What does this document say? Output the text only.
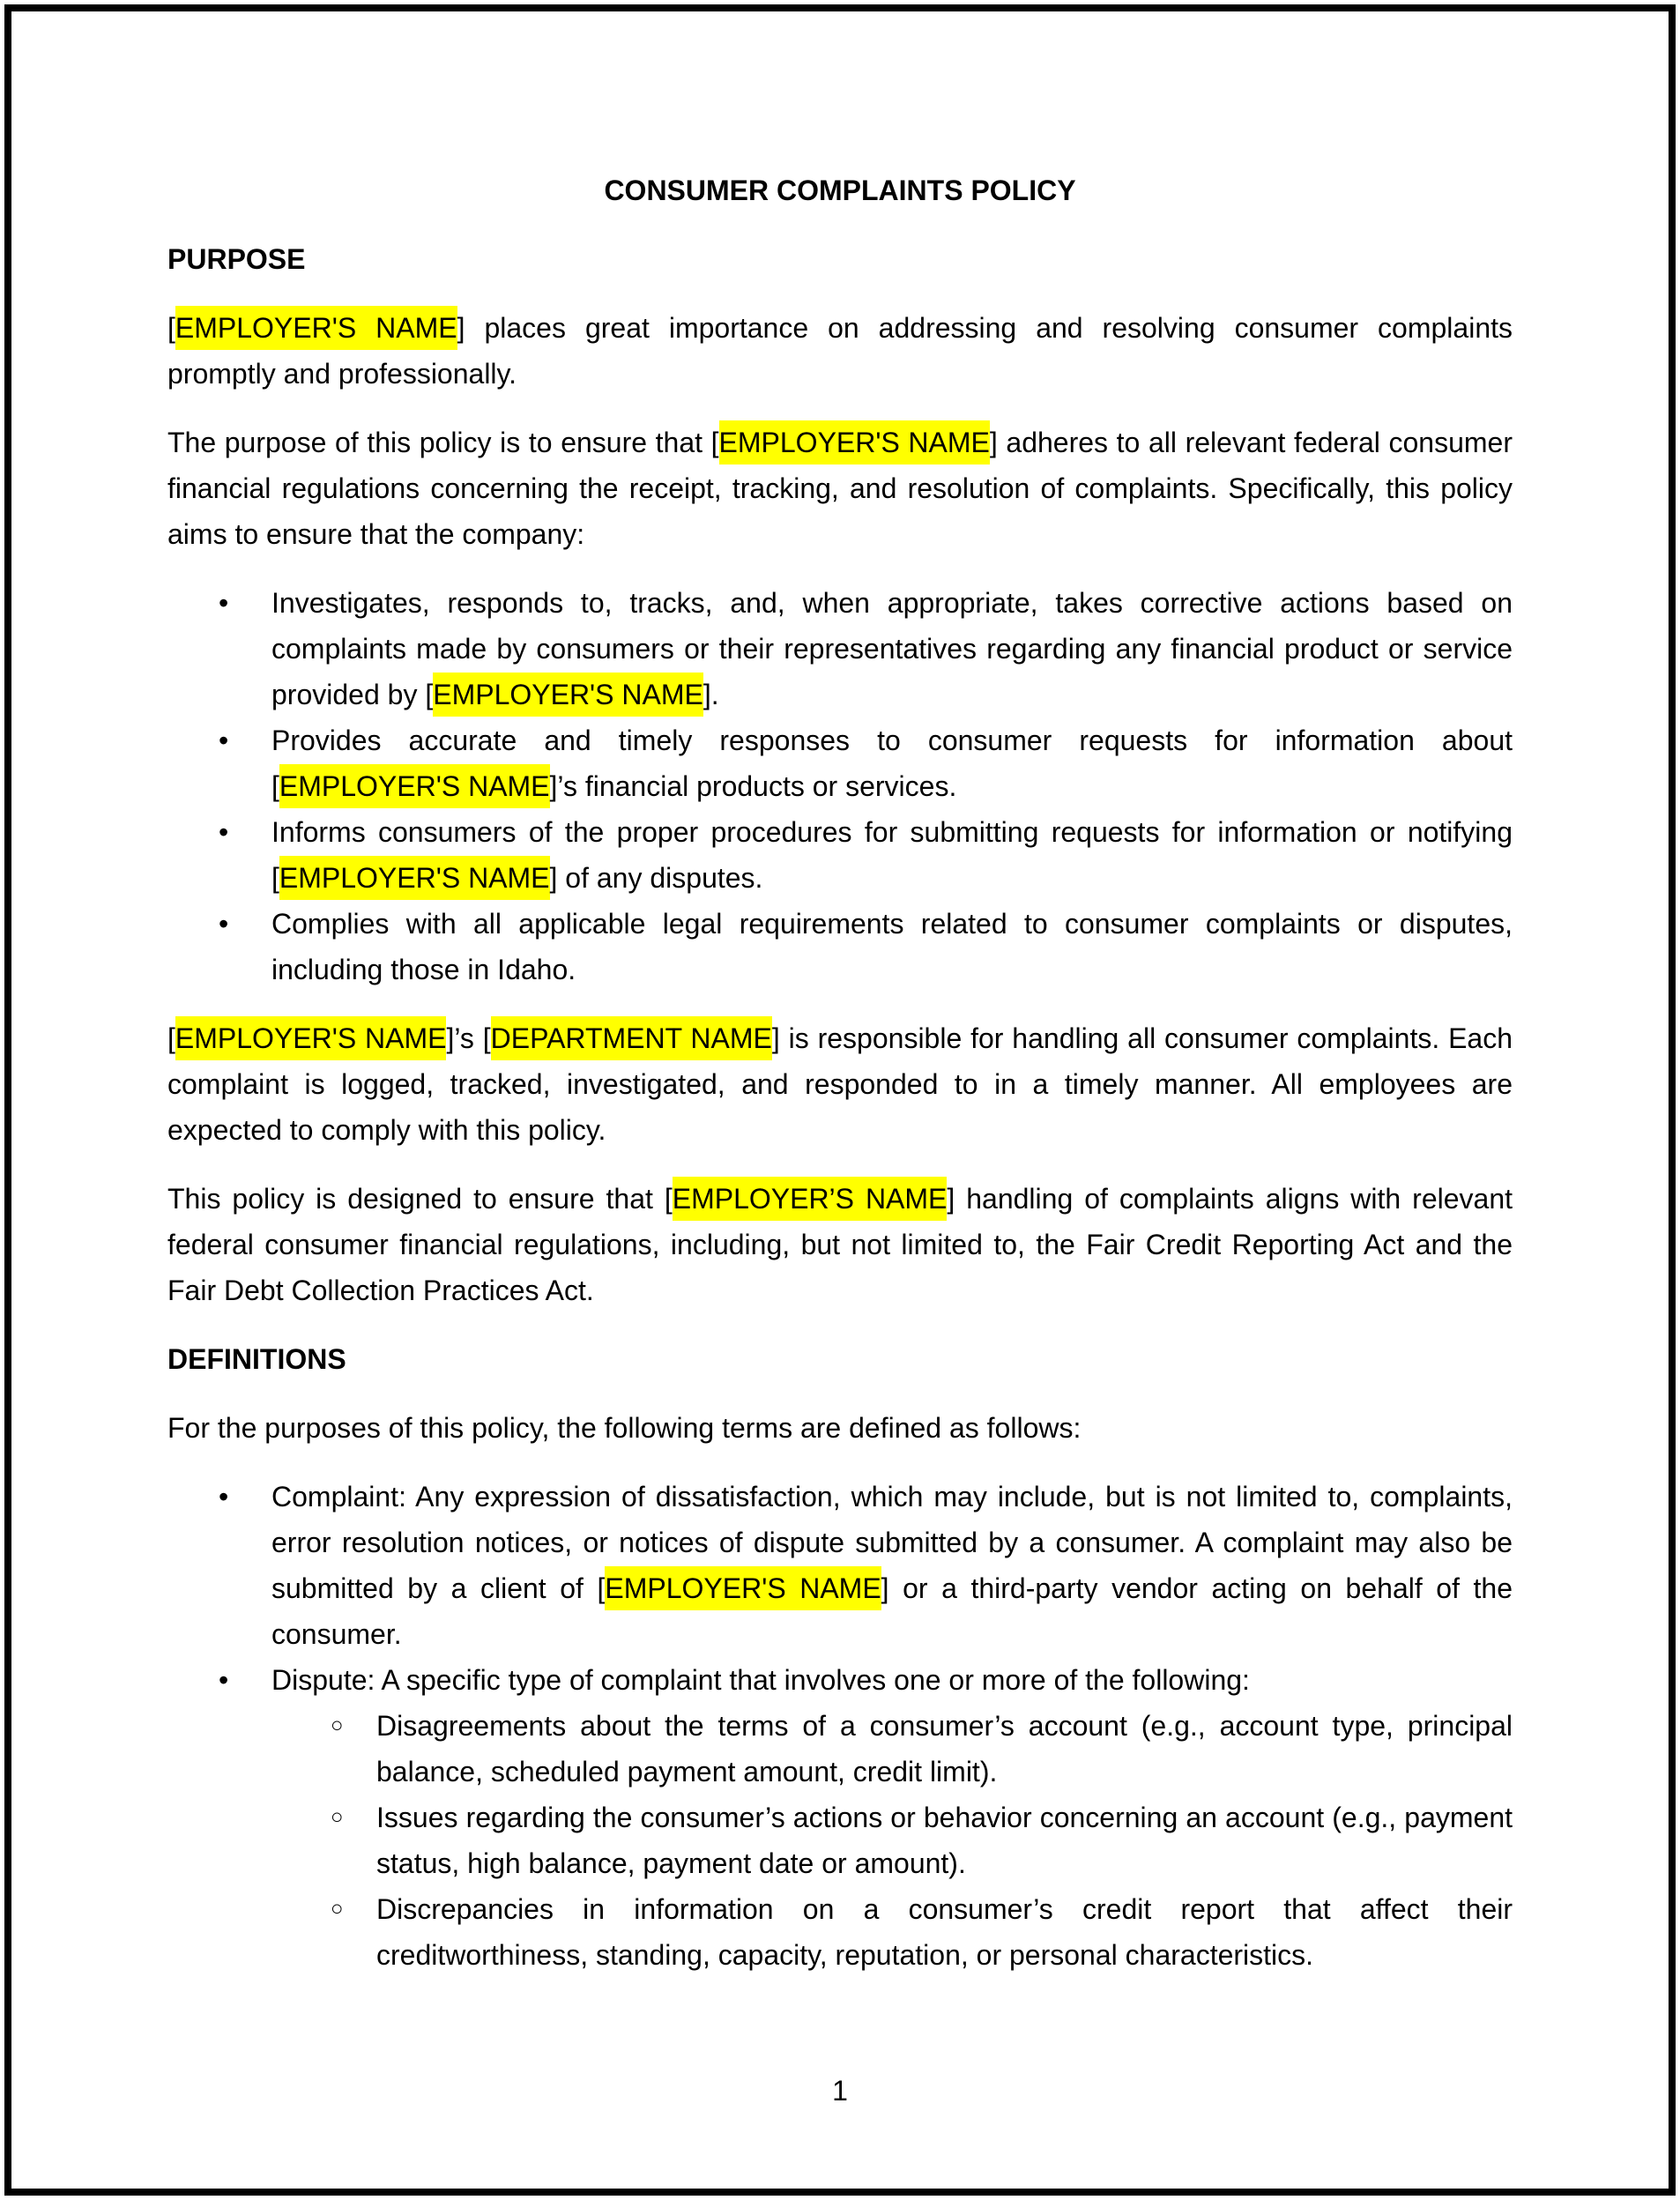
CONSUMER COMPLAINTS POLICY
PURPOSE

[EMPLOYER'S NAME] places great importance on addressing and resolving consumer complaints promptly and professionally.

The purpose of this policy is to ensure that [EMPLOYER'S NAME] adheres to all relevant federal consumer financial regulations concerning the receipt, tracking, and resolution of complaints. Specifically, this policy aims to ensure that the company:

• Investigates, responds to, tracks, and, when appropriate, takes corrective actions based on complaints made by consumers or their representatives regarding any financial product or service provided by [EMPLOYER'S NAME].
• Provides accurate and timely responses to consumer requests for information about [EMPLOYER'S NAME]’s financial products or services.
• Informs consumers of the proper procedures for submitting requests for information or notifying [EMPLOYER'S NAME] of any disputes.
• Complies with all applicable legal requirements related to consumer complaints or disputes, including those in Idaho.

[EMPLOYER'S NAME]’s [DEPARTMENT NAME] is responsible for handling all consumer complaints. Each complaint is logged, tracked, investigated, and responded to in a timely manner. All employees are expected to comply with this policy.

This policy is designed to ensure that [EMPLOYER’S NAME] handling of complaints aligns with relevant federal consumer financial regulations, including, but not limited to, the Fair Credit Reporting Act and the Fair Debt Collection Practices Act.

DEFINITIONS

For the purposes of this policy, the following terms are defined as follows:

• Complaint: Any expression of dissatisfaction, which may include, but is not limited to, complaints, error resolution notices, or notices of dispute submitted by a consumer. A complaint may also be submitted by a client of [EMPLOYER'S NAME] or a third-party vendor acting on behalf of the consumer.
• Dispute: A specific type of complaint that involves one or more of the following:
○ Disagreements about the terms of a consumer’s account (e.g., account type, principal balance, scheduled payment amount, credit limit).
○ Issues regarding the consumer’s actions or behavior concerning an account (e.g., payment status, high balance, payment date or amount).
○ Discrepancies in information on a consumer’s credit report that affect their creditworthiness, standing, capacity, reputation, or personal characteristics.
1
